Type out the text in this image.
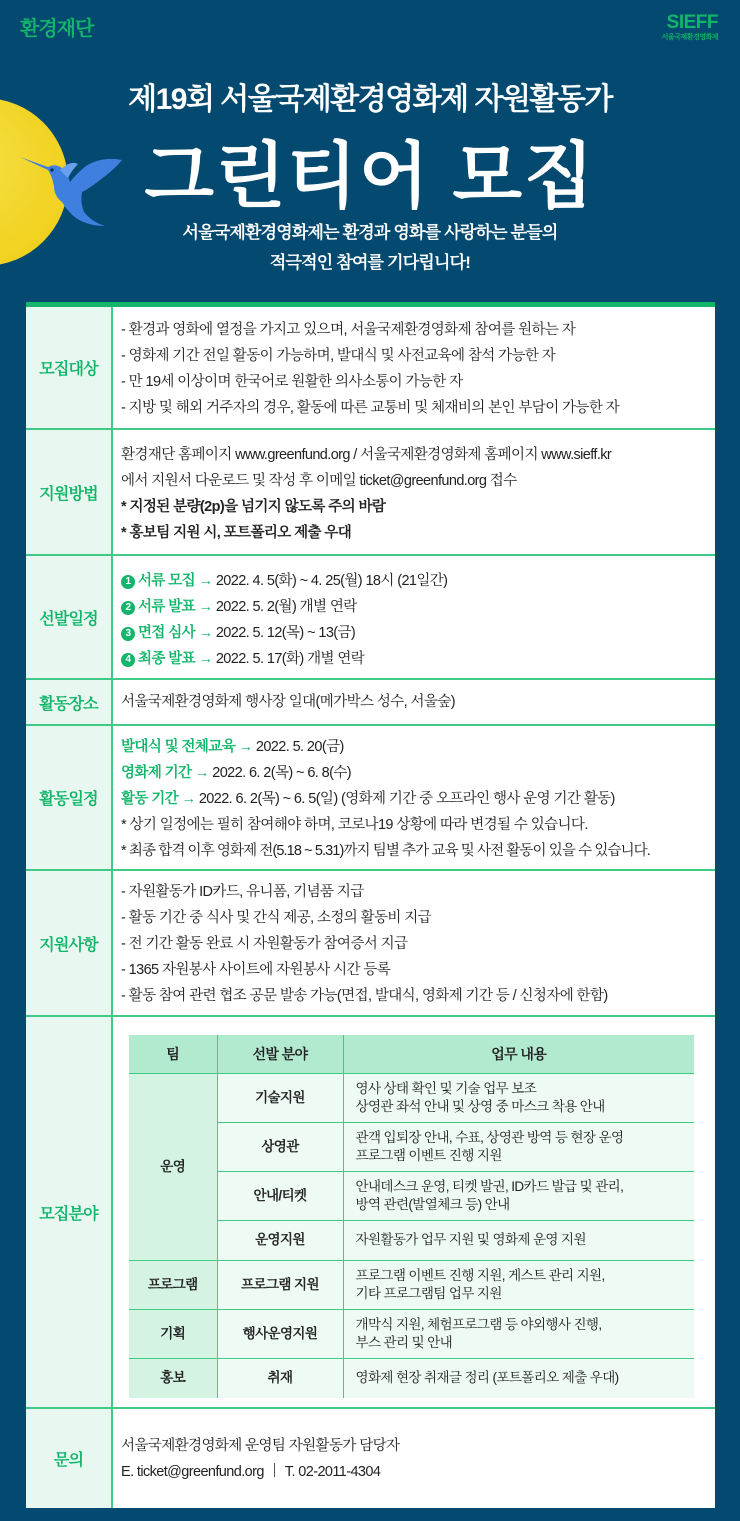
환경재단	SIEFF
서울국제환경영화제
제19회 서울국제환경영화제 자원활동가
그린티어 모집
서울국제환경영화제는 환경과 영화를 사랑하는 분들의
적극적인 참여를 기다립니다!
모집대상
- 환경과 영화에 열정을 가지고 있으며, 서울국제환경영화제 참여를 원하는 자
- 영화제 기간 전일 활동이 가능하며, 발대식 및 사전교육에 참석 가능한 자
- 만 19세 이상이며 한국어로 원활한 의사소통이 가능한 자
- 지방 및 해외 거주자의 경우, 활동에 따른 교통비 및 체재비의 본인 부담이 가능한 자
지원방법
환경재단 홈페이지 www.greenfund.org / 서울국제환경영화제 홈페이지 www.sieff.kr
에서 지원서 다운로드 및 작성 후 이메일 ticket@greenfund.org 접수
* 지정된 분량(2p)을 넘기지 않도록 주의 바람
* 홍보팀 지원 시, 포트폴리오 제출 우대
선발일정
1 서류 모집 → 2022. 4. 5(화) ~ 4. 25(월) 18시 (21일간)
2 서류 발표 → 2022. 5. 2(월) 개별 연락
3 면접 심사 → 2022. 5. 12(목) ~ 13(금)
4 최종 발표 → 2022. 5. 17(화) 개별 연락
활동장소	서울국제환경영화제 행사장 일대(메가박스 성수, 서울숲)
활동일정
발대식 및 전체교육 → 2022. 5. 20(금)
영화제 기간 → 2022. 6. 2(목) ~ 6. 8(수)
활동 기간 → 2022. 6. 2(목) ~ 6. 5(일) (영화제 기간 중 오프라인 행사 운영 기간 활동)
* 상기 일정에는 필히 참여해야 하며, 코로나19 상황에 따라 변경될 수 있습니다.
* 최종 합격 이후 영화제 전(5.18 ~ 5.31)까지 팀별 추가 교육 및 사전 활동이 있을 수 있습니다.
지원사항
- 자원활동가 ID카드, 유니폼, 기념품 지급
- 활동 기간 중 식사 및 간식 제공, 소정의 활동비 지급
- 전 기간 활동 완료 시 자원활동가 참여증서 지급
- 1365 자원봉사 사이트에 자원봉사 시간 등록
- 활동 참여 관련 협조 공문 발송 가능(면접, 발대식, 영화제 기간 등 / 신청자에 한함)
모집분야
팀	선발 분야	업무 내용
운영	기술지원	영사 상태 확인 및 기술 업무 보조
상영관 좌석 안내 및 상영 중 마스크 착용 안내

	상영관	관객 입퇴장 안내, 수표, 상영관 방역 등 현장 운영
프로그램 이벤트 진행 지원

	안내/티켓	안내데스크 운영, 티켓 발권, ID카드 발급 및 관리,
방역 관련(발열체크 등) 안내

	운영지원	자원활동가 업무 지원 및 영화제 운영 지원
프로그램	프로그램 지원	프로그램 이벤트 진행 지원, 게스트 관리 지원,
기타 프로그램팀 업무 지원

기획	행사운영지원	개막식 지원, 체험프로그램 등 야외행사 진행,
부스 관리 및 안내

홍보	취재	영화제 현장 취재글 정리 (포트폴리오 제출 우대)
문의
서울국제환경영화제 운영팀 자원활동가 담당자
E. ticket@greenfund.org T. 02-2011-4304
